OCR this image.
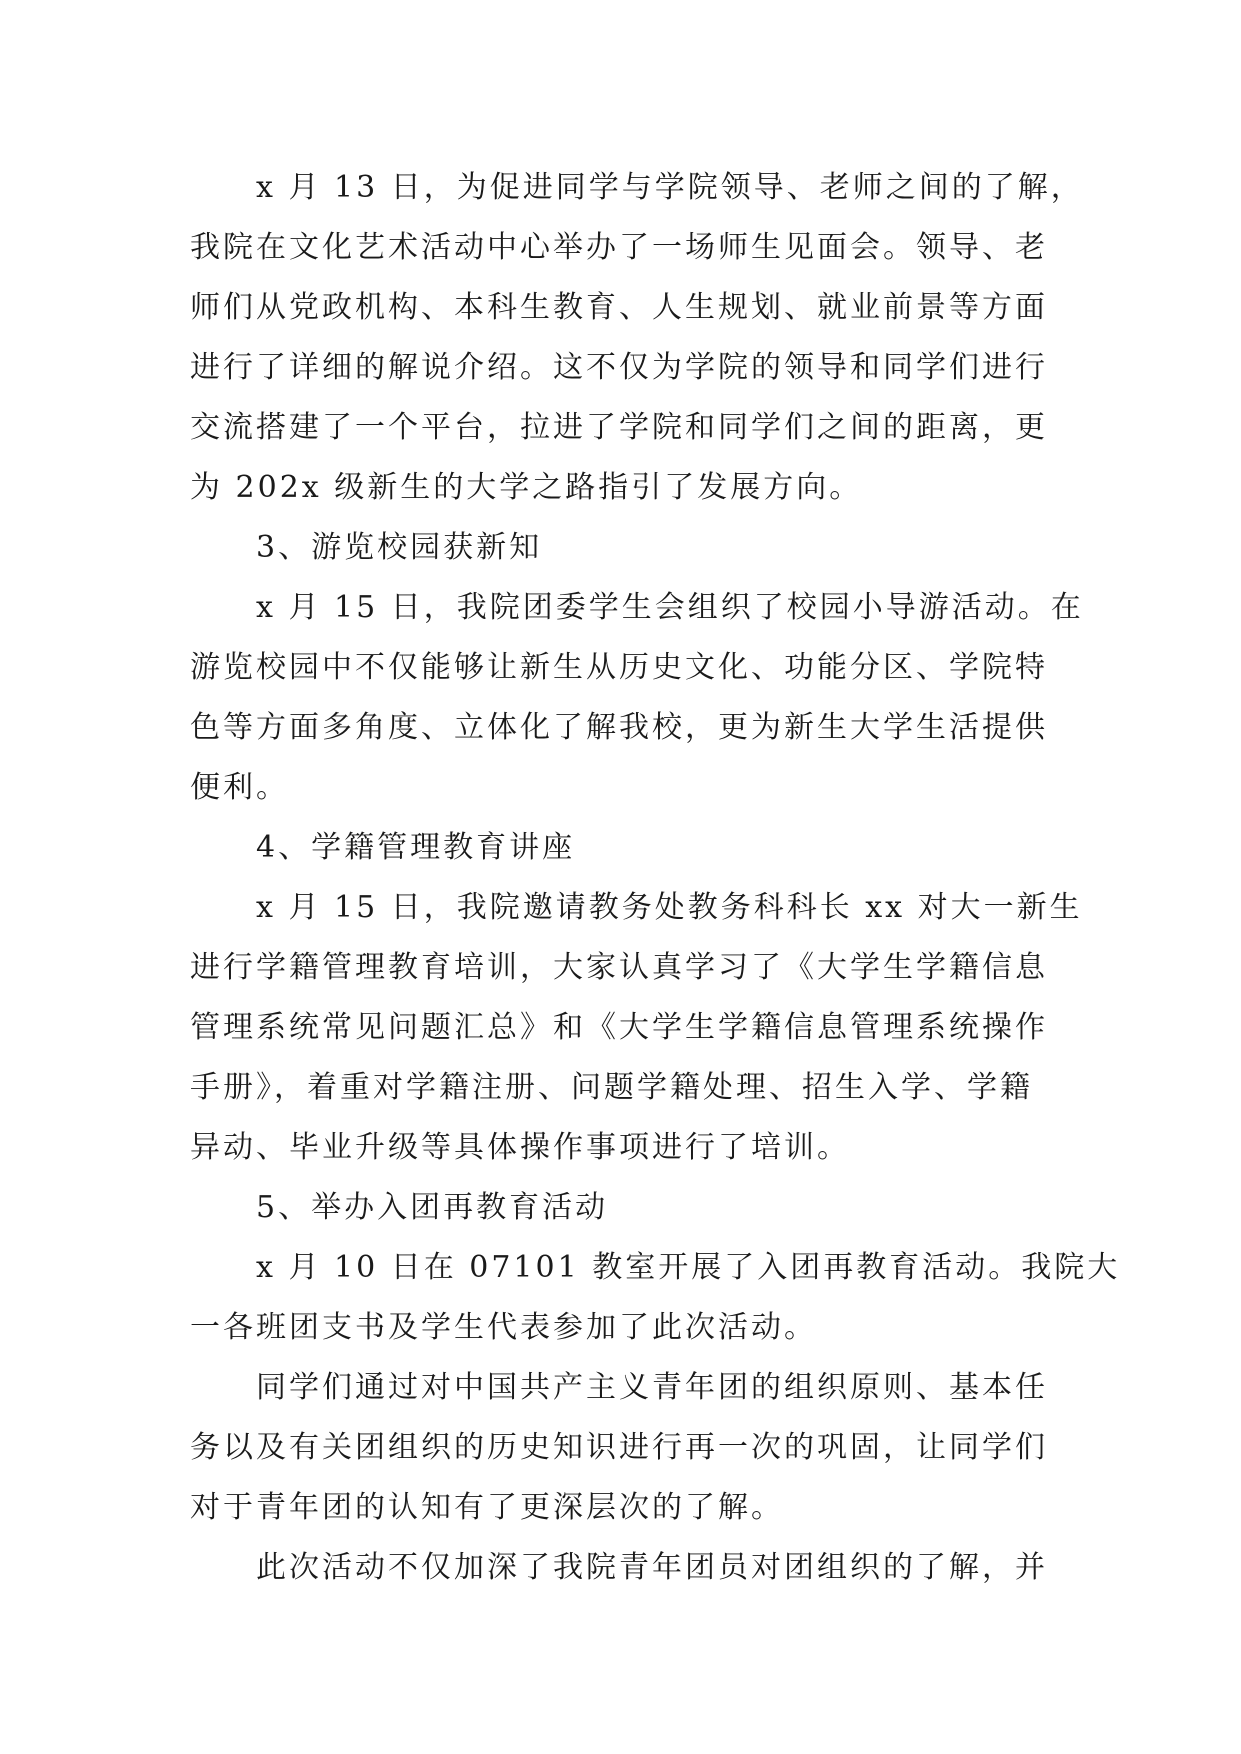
x 月 13 日，为促进同学与学院领导、老师之间的了解，
我院在文化艺术活动中心举办了一场师生见面会。领导、老
师们从党政机构、本科生教育、人生规划、就业前景等方面
进行了详细的解说介绍。这不仅为学院的领导和同学们进行
交流搭建了一个平台，拉进了学院和同学们之间的距离，更
为 202x 级新生的大学之路指引了发展方向。
3、游览校园获新知
x 月 15 日，我院团委学生会组织了校园小导游活动。在
游览校园中不仅能够让新生从历史文化、功能分区、学院特
色等方面多角度、立体化了解我校，更为新生大学生活提供
便利。
4、学籍管理教育讲座
x 月 15 日，我院邀请教务处教务科科长 xx 对大一新生
进行学籍管理教育培训，大家认真学习了《大学生学籍信息
管理系统常见问题汇总》和《大学生学籍信息管理系统操作
手册》，着重对学籍注册、问题学籍处理、招生入学、学籍
异动、毕业升级等具体操作事项进行了培训。
5、举办入团再教育活动
x 月 10 日在 07101 教室开展了入团再教育活动。我院大
一各班团支书及学生代表参加了此次活动。
同学们通过对中国共产主义青年团的组织原则、基本任
务以及有关团组织的历史知识进行再一次的巩固，让同学们
对于青年团的认知有了更深层次的了解。
此次活动不仅加深了我院青年团员对团组织的了解，并
